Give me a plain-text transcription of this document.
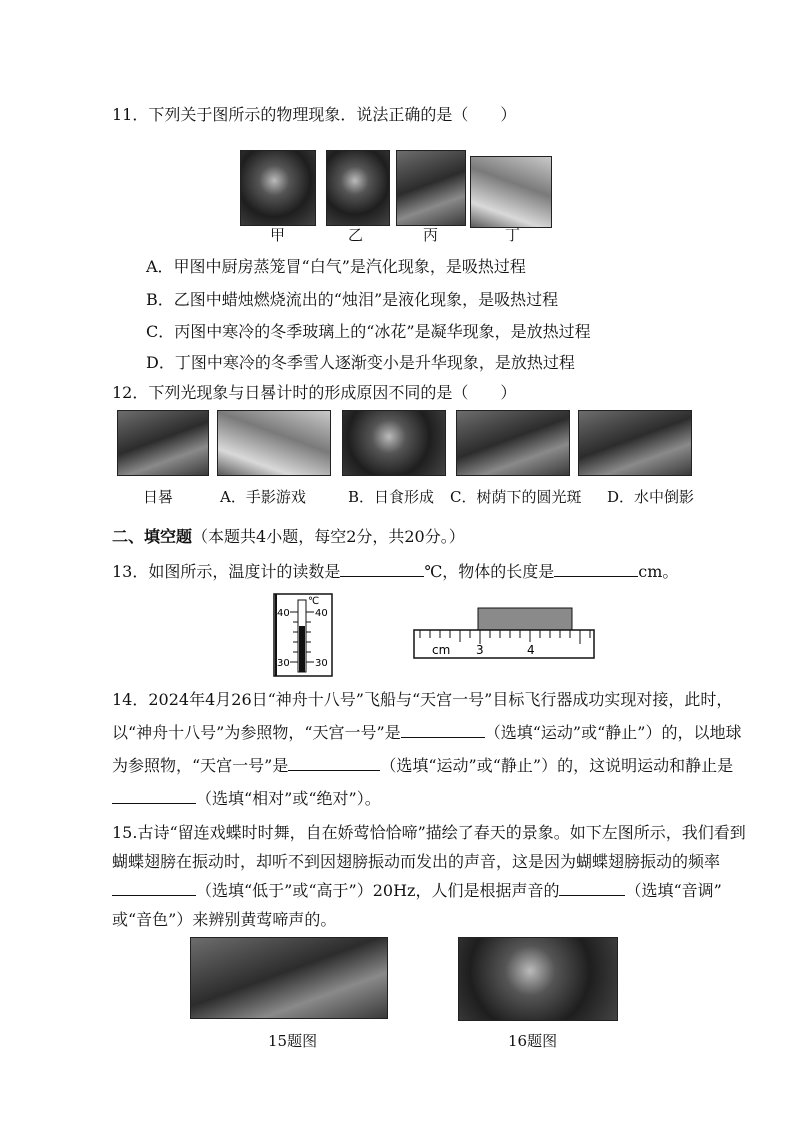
11．下列关于图所示的物理现象．说法正确的是（　　）
甲	乙	丙	丁
A．甲图中厨房蒸笼冒“白气”是汽化现象，是吸热过程
B．乙图中蜡烛燃烧流出的“烛泪”是液化现象，是吸热过程
C．丙图中寒冷的冬季玻璃上的“冰花”是凝华现象，是放热过程
D．丁图中寒冷的冬季雪人逐渐变小是升华现象，是放热过程
12．下列光现象与日晷计时的形成原因不同的是（　　）
日晷	A．手影游戏	B．日食形成 C．树荫下的圆光斑 D．水中倒影
二、填空题（本题共4小题，每空2分，共20分。）
13．如图所示，温度计的读数是	℃，物体的长度是	cm。
℃
40	40
30	30
cm 3	4
14．2024年4月26日“神舟十八号”飞船与“天宫一号”目标飞行器成功实现对接，此时，
以“神舟十八号”为参照物，“天宫一号”是	（选填“运动”或“静止”）的，以地球
为参照物，“天宫一号”是	（选填“运动”或“静止”）的，这说明运动和静止是
（选填“相对”或“绝对”）。
15.古诗“留连戏蝶时时舞，自在娇莺恰恰啼”描绘了春天的景象。如下左图所示，我们看到
蝴蝶翅膀在振动时，却听不到因翅膀振动而发出的声音，这是因为蝴蝶翅膀振动的频率
（选填“低于”或“高于”）20Hz，人们是根据声音的	（选填“音调”
或“音色”）来辨别黄莺啼声的。
15题图	16题图
